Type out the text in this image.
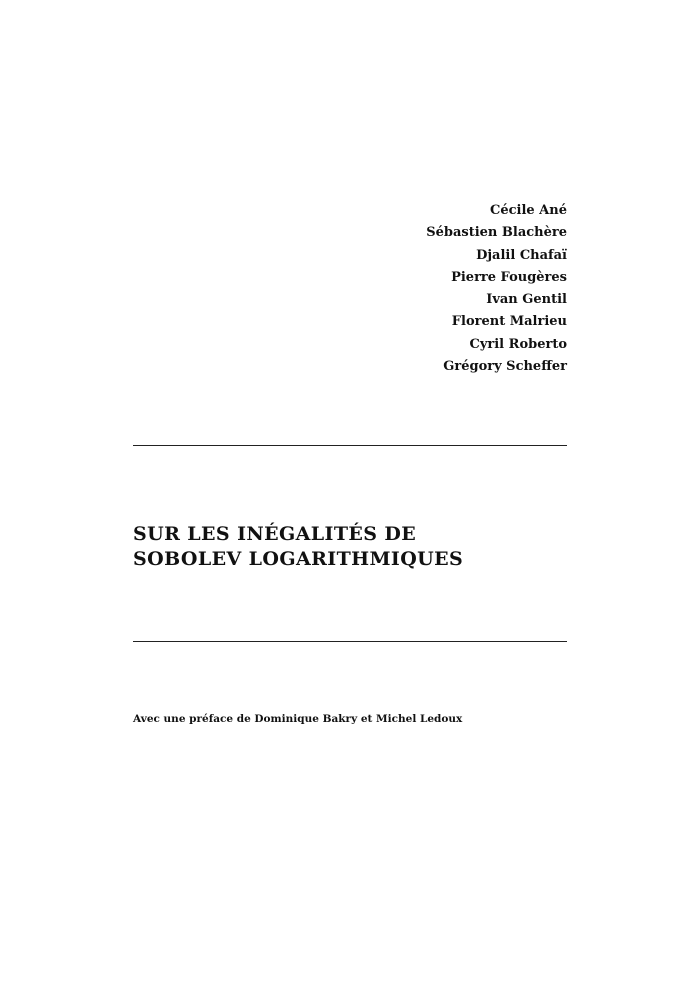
Cécile Ané
Sébastien Blachère
Djalil Chafaï
Pierre Fougères
Ivan Gentil
Florent Malrieu
Cyril Roberto
Grégory Scheffer
SUR LES INÉGALITÉS DE
SOBOLEV LOGARITHMIQUES
Avec une préface de Dominique Bakry et Michel Ledoux
